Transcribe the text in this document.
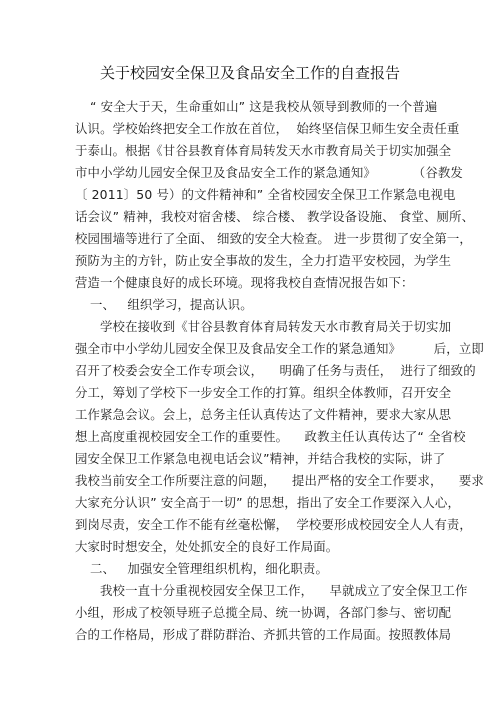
关于校园安全保卫及食品安全工作的自查报告
“ 安全大于天，生命重如山” 这是我校从领导到教师的一个普遍
认识。学校始终把安全工作放在首位，  始终坚信保卫师生安全责任重
于泰山。根据《甘谷县教育体育局转发天水市教育局关于切实加强全
市中小学幼儿园安全保卫及食品安全工作的紧急通知》         （谷教发
〔 2011〕50 号）的文件精神和” 全省校园安全保卫工作紧急电视电
话会议” 精神，我校对宿舍楼、 综合楼、 教学设备设施、 食堂、厕所、
校园围墙等进行了全面、 细致的安全大检查。 进一步贯彻了安全第一，
预防为主的方针，防止安全事故的发生，全力打造平安校园，为学生
营造一个健康良好的成长环境。现将我校自查情况报告如下：
一、   组织学习，提高认识。
学校在接收到《甘谷县教育体育局转发天水市教育局关于切实加
强全市中小学幼儿园安全保卫及食品安全工作的紧急通知》        后，立即
召开了校委会安全工作专项会议，    明确了任务与责任，  进行了细致的
分工，筹划了学校下一步安全工作的打算。组织全体教师，召开安全
工作紧急会议。会上，总务主任认真传达了文件精神，要求大家从思
想上高度重视校园安全工作的重要性。    政教主任认真传达了“ 全省校
园安全保卫工作紧急电视电话会议”精神，并结合我校的实际，讲了
我校当前安全工作所要注意的问题，    提出严格的安全工作要求，    要求
大家充分认识” 安全高于一切” 的思想，指出了安全工作要深入人心，
到岗尽责，安全工作不能有丝毫松懈，  学校要形成校园安全人人有责，
大家时时想安全，处处抓安全的良好工作局面。
二、   加强安全管理组织机构，细化职责。
我校一直十分重视校园安全保卫工作，    早就成立了安全保卫工作
小组，形成了校领导班子总揽全局、统一协调，各部门参与、密切配
合的工作格局，形成了群防群治、齐抓共管的工作局面。按照教体局
